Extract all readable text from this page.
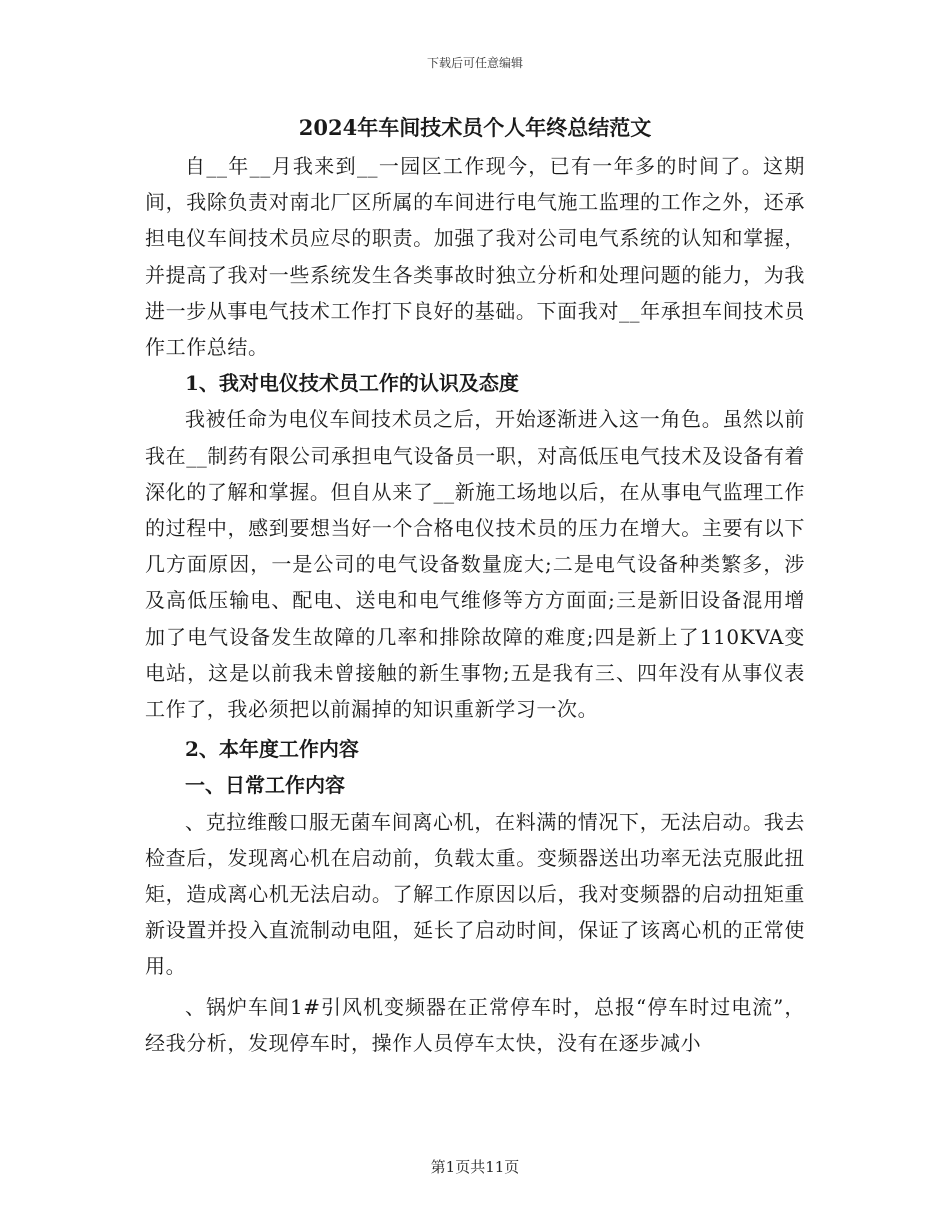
下载后可任意编辑

2024年车间技术员个人年终总结范文

自__年__月我来到__一园区工作现今，已有一年多的时间了。这期间，我除负责对南北厂区所属的车间进行电气施工监理的工作之外，还承担电仪车间技术员应尽的职责。加强了我对公司电气系统的认知和掌握，并提高了我对一些系统发生各类事故时独立分析和处理问题的能力，为我进一步从事电气技术工作打下良好的基础。下面我对__年承担车间技术员作工作总结。

1、我对电仪技术员工作的认识及态度

我被任命为电仪车间技术员之后，开始逐渐进入这一角色。虽然以前我在__制药有限公司承担电气设备员一职，对高低压电气技术及设备有着深化的了解和掌握。但自从来了__新施工场地以后，在从事电气监理工作的过程中，感到要想当好一个合格电仪技术员的压力在增大。主要有以下几方面原因，一是公司的电气设备数量庞大;二是电气设备种类繁多，涉及高低压输电、配电、送电和电气维修等方方面面;三是新旧设备混用增加了电气设备发生故障的几率和排除故障的难度;四是新上了110KVA变电站，这是以前我未曾接触的新生事物;五是我有三、四年没有从事仪表工作了，我必须把以前漏掉的知识重新学习一次。

2、本年度工作内容

一、日常工作内容

、克拉维酸口服无菌车间离心机，在料满的情况下，无法启动。我去检查后，发现离心机在启动前，负载太重。变频器送出功率无法克服此扭矩，造成离心机无法启动。了解工作原因以后，我对变频器的启动扭矩重新设置并投入直流制动电阻，延长了启动时间，保证了该离心机的正常使用。

、锅炉车间1#引风机变频器在正常停车时，总报“停车时过电流”，经我分析，发现停车时，操作人员停车太快，没有在逐步减小

第1页共11页
